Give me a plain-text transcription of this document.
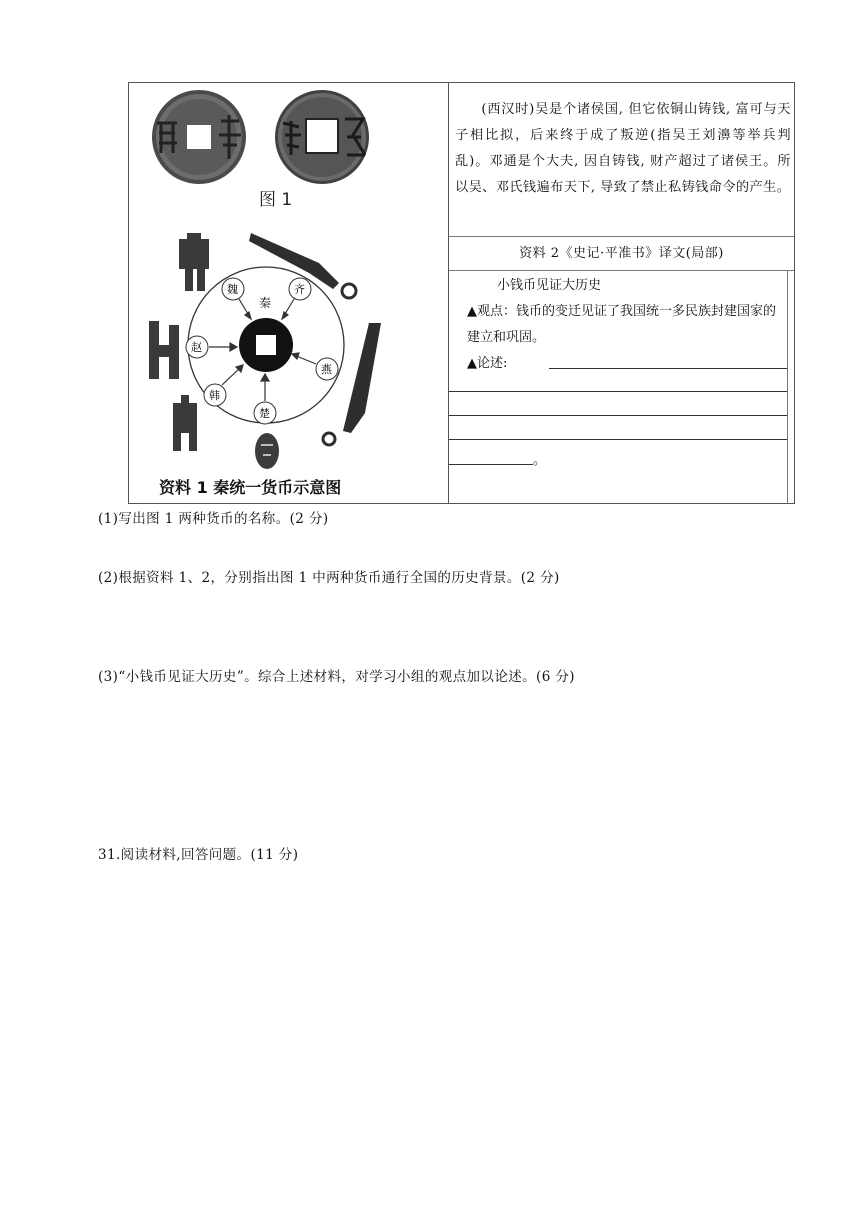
图 1
秦
魏	齐
赵
燕
韩
楚
资料 1 秦统一货币示意图

(西汉时)吴是个诸侯国, 但它依铜山铸钱, 富可与天子相比拟，后来终于成了叛逆(指吴王刘濞等举兵判乱)。邓通是个大夫, 因自铸钱, 财产超过了诸侯王。所以吴、邓氏钱遍布天下, 导致了禁止私铸钱命令的产生。

资料 2《史记·平准书》译文(局部)
小钱币见证大历史
▲观点：钱币的变迁见证了我国统一多民族封建国家的建立和巩固。
▲论述:
。
(1)写出图 1 两种货币的名称。(2 分)
(2)根据资料 1、2，分别指出图 1 中两种货币通行全国的历史背景。(2 分)
(3)“小钱币见证大历史”。综合上述材料，对学习小组的观点加以论述。(6 分)
31.阅读材料,回答问题。(11 分)
